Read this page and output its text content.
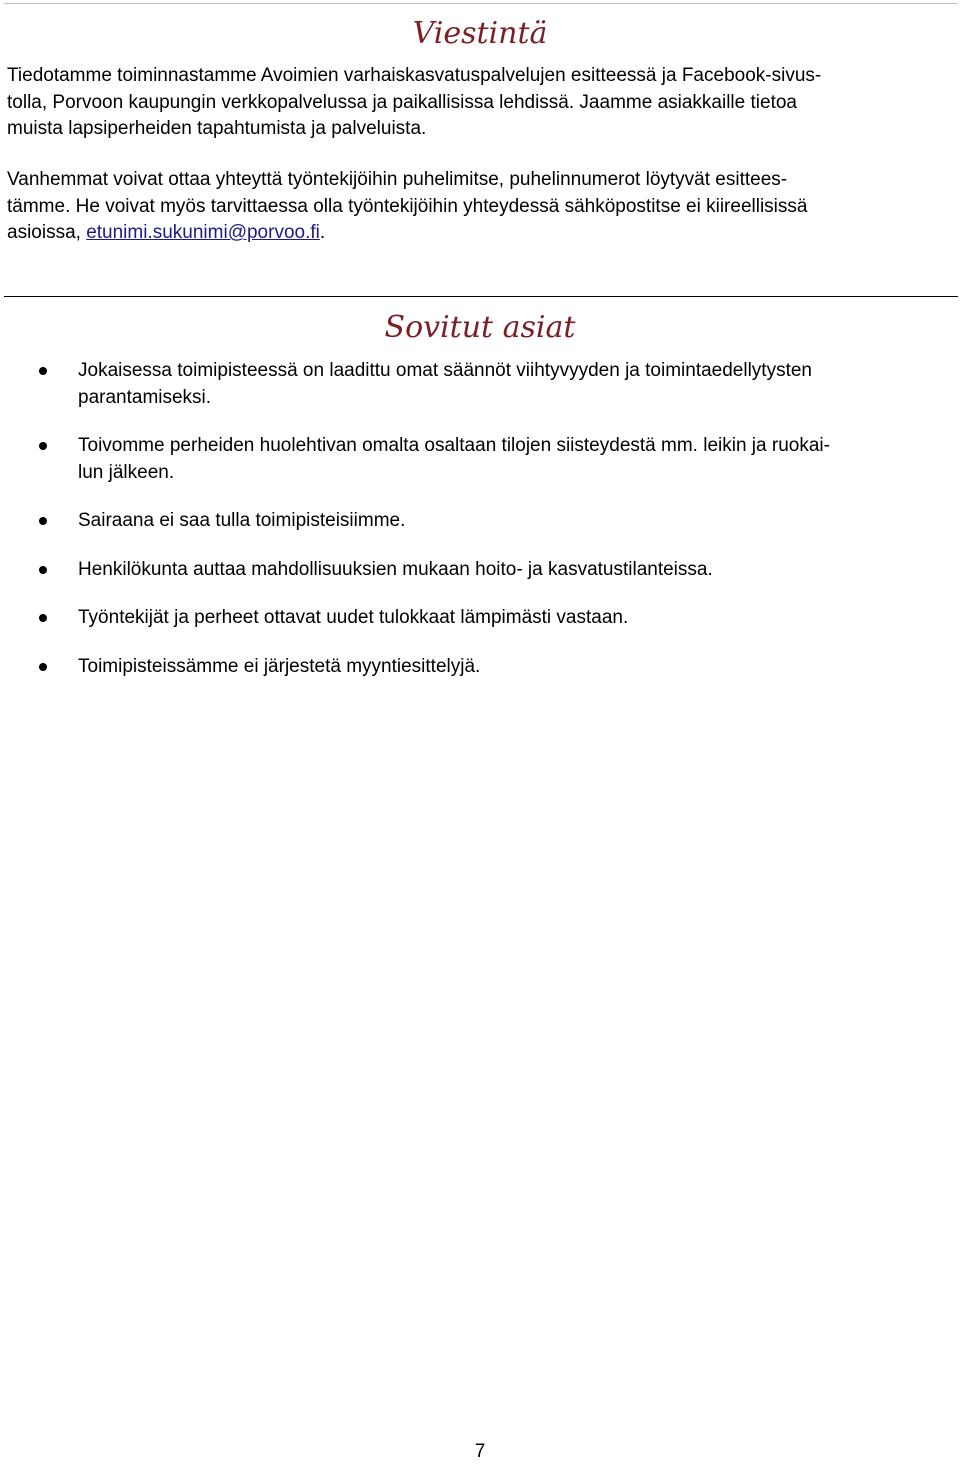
Viestintä

Tiedotamme toiminnastamme Avoimien varhaiskasvatuspalvelujen esitteessä ja Facebook-sivus-
tolla, Porvoon kaupungin verkkopalvelussa ja paikallisissa lehdissä. Jaamme asiakkaille tietoa
muista lapsiperheiden tapahtumista ja palveluista.

Vanhemmat voivat ottaa yhteyttä työntekijöihin puhelimitse, puhelinnumerot löytyvät esittees-
tämme. He voivat myös tarvittaessa olla työntekijöihin yhteydessä sähköpostitse ei kiireellisissä
asioissa, etunimi.sukunimi@porvoo.fi.

Sovitut asiat
Jokaisessa toimipisteessä on laadittu omat säännöt viihtyvyyden ja toimintaedellytysten
parantamiseksi.
Toivomme perheiden huolehtivan omalta osaltaan tilojen siisteydestä mm. leikin ja ruokai-
lun jälkeen.
Sairaana ei saa tulla toimipisteisiimme.
Henkilökunta auttaa mahdollisuuksien mukaan hoito- ja kasvatustilanteissa.
Työntekijät ja perheet ottavat uudet tulokkaat lämpimästi vastaan.
Toimipisteissämme ei järjestetä myyntiesittelyjä.
7
